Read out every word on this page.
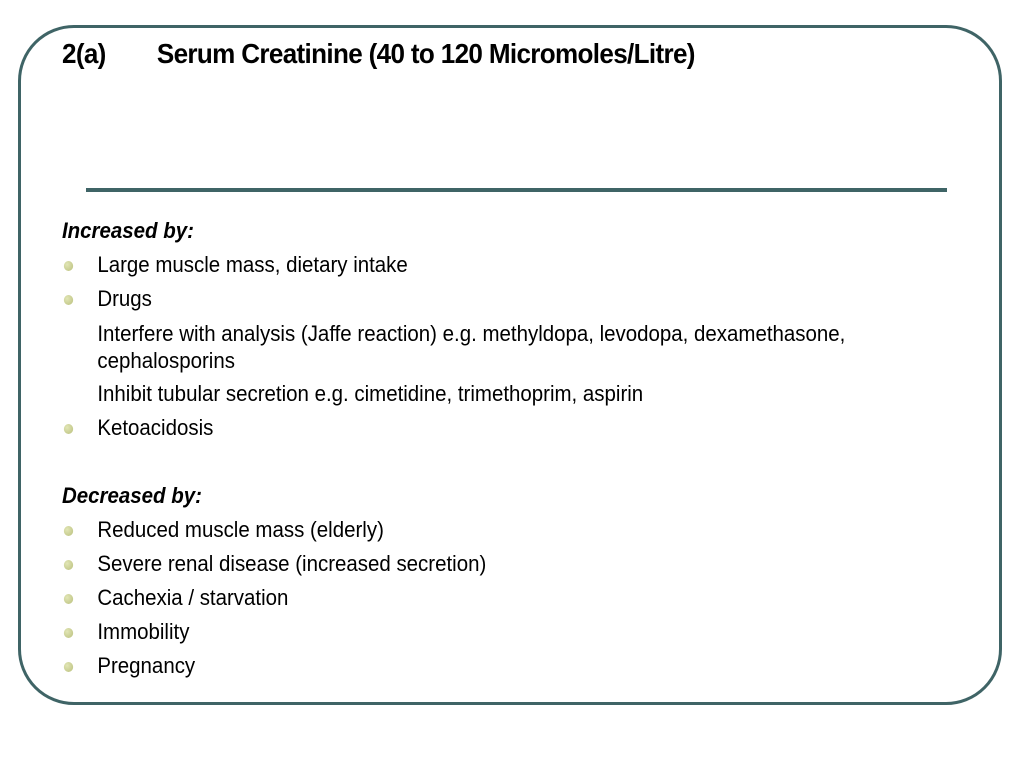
2(a) Serum Creatinine (40 to 120 Micromoles/Litre)
Increased by:
Large muscle mass, dietary intake
Drugs
Interfere with analysis (Jaffe reaction) e.g. methyldopa, levodopa, dexamethasone, cephalosporins
Inhibit tubular secretion e.g. cimetidine, trimethoprim, aspirin
Ketoacidosis
Decreased by:
Reduced muscle mass (elderly)
Severe renal disease (increased secretion)
Cachexia / starvation
Immobility
Pregnancy
